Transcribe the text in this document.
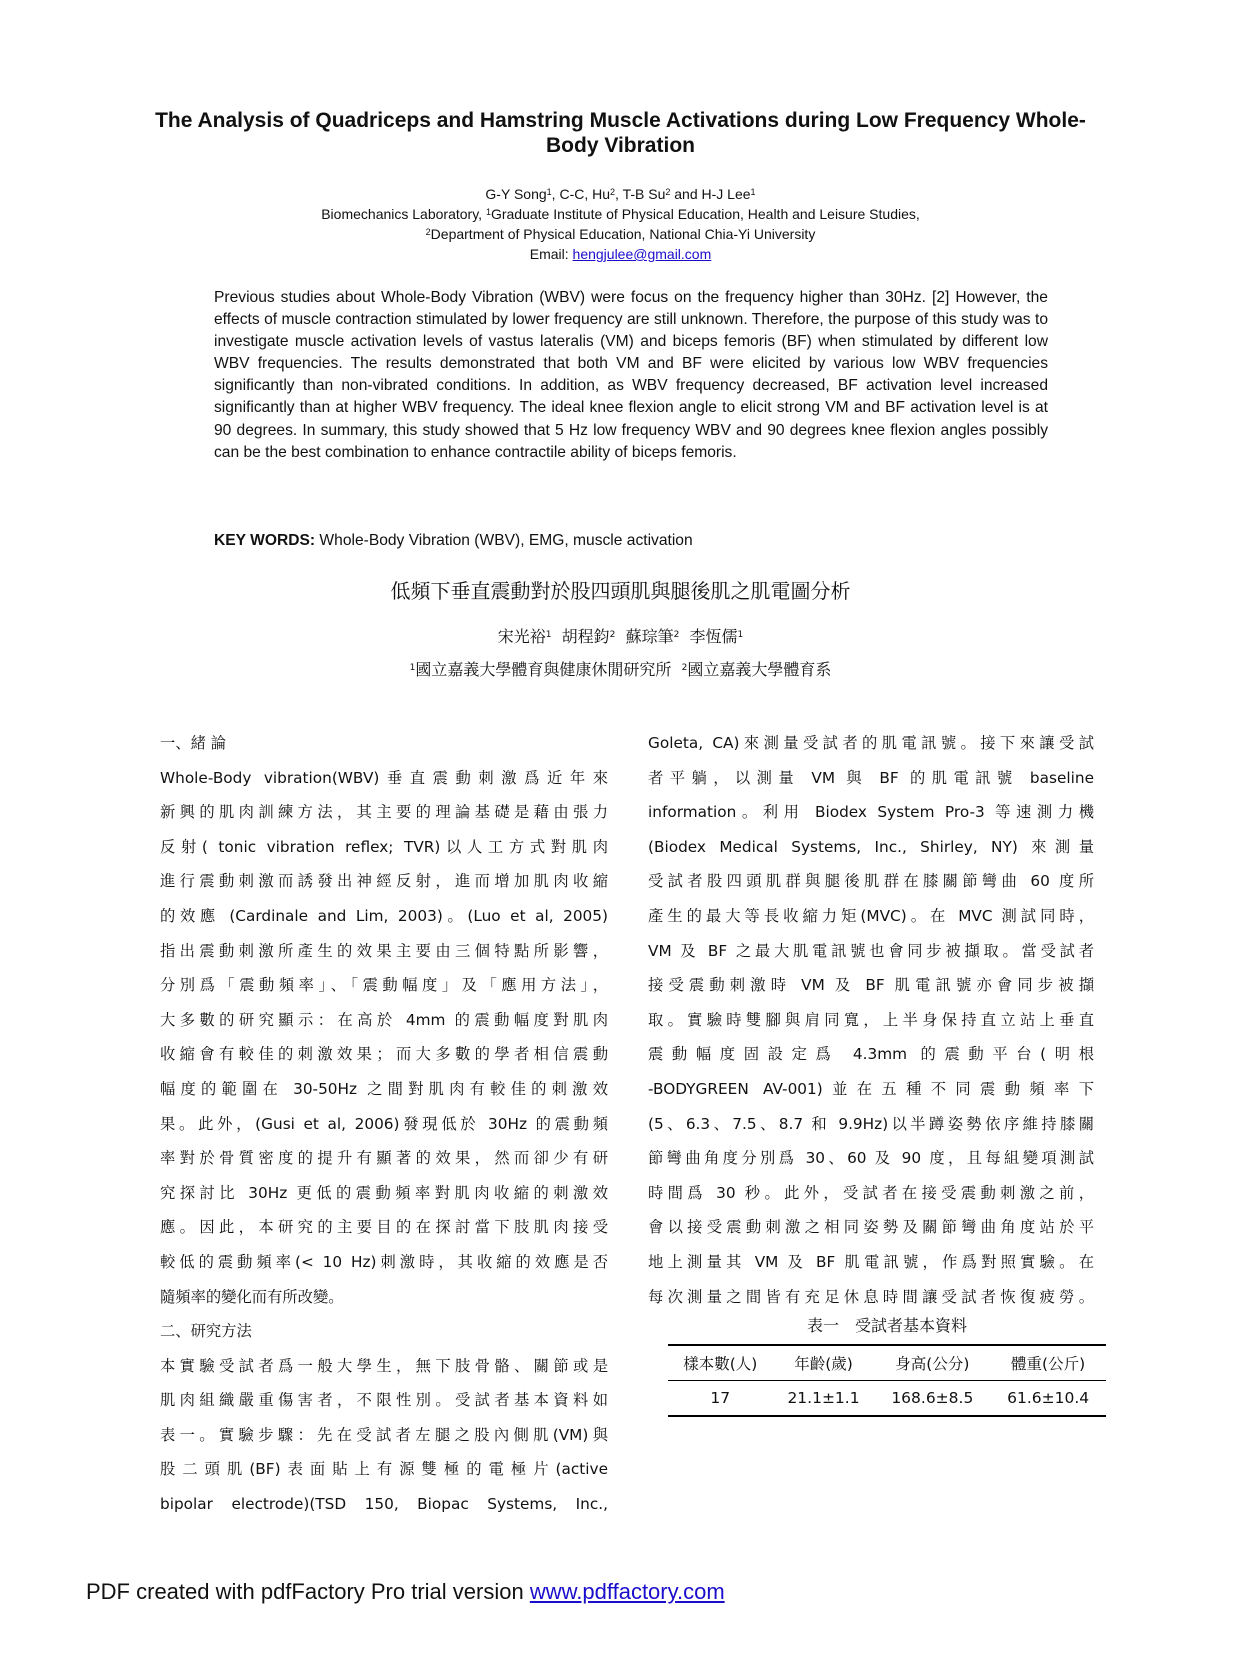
The Analysis of Quadriceps and Hamstring Muscle Activations during Low Frequency Whole-Body Vibration
G-Y Song$^1$, C-C, Hu$^2$, T-B Su$^2$ and H-J Lee$^1$
Biomechanics Laboratory, $^1$Graduate Institute of Physical Education, Health and Leisure Studies,
$^2$Department of Physical Education, National Chia-Yi University
Email: hengjulee@gmail.com

Previous studies about Whole-Body Vibration (WBV) were focus on the frequency higher than 30Hz. [2] However, the effects of muscle contraction stimulated by lower frequency are still unknown. Therefore, the purpose of this study was to investigate muscle activation levels of vastus lateralis (VM) and biceps femoris (BF) when stimulated by different low WBV frequencies. The results demonstrated that both VM and BF were elicited by various low WBV frequencies significantly than non-vibrated conditions. In addition, as WBV frequency decreased, BF activation level increased significantly than at higher WBV frequency. The ideal knee flexion angle to elicit strong VM and BF activation level is at 90 degrees. In summary, this study showed that 5 Hz low frequency WBV and 90 degrees knee flexion angles possibly can be the best combination to enhance contractile ability of biceps femoris.

KEY WORDS: Whole-Body Vibration (WBV), EMG, muscle activation
低頻下垂直震動對於股四頭肌與腿後肌之肌電圖分析
宋光裕$^1$ 胡程鈞$^2$ 蘇琮筆$^2$ 李恆儒$^1$
$^1$國立嘉義大學體育與健康休閒研究所 $^2$國立嘉義大學體育系
一、緒 論
Whole-Body vibration(WBV)垂直震動刺激爲近年來
新興的肌肉訓練方法，其主要的理論基礎是藉由張力
反射( tonic vibration reflex; TVR)以人工方式對肌肉
進行震動刺激而誘發出神經反射，進而增加肌肉收縮
的效應 (Cardinale and Lim, 2003)。(Luo et al, 2005)
指出震動刺激所產生的效果主要由三個特點所影響，
分別爲「震動頻率」、「震動幅度」及「應用方法」，
大多數的研究顯示：在高於 4mm 的震動幅度對肌肉
收縮會有較佳的刺激效果；而大多數的學者相信震動
幅度的範圍在 30-50Hz 之間對肌肉有較佳的刺激效
果。此外，(Gusi et al, 2006)發現低於 30Hz 的震動頻
率對於骨質密度的提升有顯著的效果，然而卻少有研
究探討比 30Hz 更低的震動頻率對肌肉收縮的刺激效
應。因此，本研究的主要目的在探討當下肢肌肉接受
較低的震動頻率(< 10 Hz)刺激時，其收縮的效應是否
隨頻率的變化而有所改變。
二、研究方法
本實驗受試者爲一般大學生，無下肢骨骼、關節或是
肌肉組織嚴重傷害者，不限性別。受試者基本資料如
表一。實驗步驟：先在受試者左腿之股內側肌(VM)與
股二頭肌(BF)表面貼上有源雙極的電極片(active
bipolar electrode)(TSD 150, Biopac Systems, Inc.,
Goleta, CA)來測量受試者的肌電訊號。接下來讓受試
者平躺，以測量 VM 與 BF 的肌電訊號 baseline
information。利用 Biodex System Pro-3 等速測力機
(Biodex Medical Systems, Inc., Shirley, NY) 來測量
受試者股四頭肌群與腿後肌群在膝關節彎曲 60 度所
產生的最大等長收縮力矩(MVC)。在 MVC 測試同時，
VM 及 BF 之最大肌電訊號也會同步被擷取。當受試者
接受震動刺激時 VM 及 BF 肌電訊號亦會同步被擷
取。實驗時雙腳與肩同寬，上半身保持直立站上垂直
震動幅度固設定爲 4.3mm 的震動平台(明根
-BODYGREEN AV-001)並在五種不同震動頻率下
(5、6.3、7.5、8.7 和 9.9Hz)以半蹲姿勢依序維持膝關
節彎曲角度分別爲 30、60 及 90 度，且每組變項測試
時間爲 30 秒。此外，受試者在接受震動刺激之前，
會以接受震動刺激之相同姿勢及關節彎曲角度站於平
地上測量其 VM 及 BF 肌電訊號，作爲對照實驗。在
每次測量之間皆有充足休息時間讓受試者恢復疲勞。
表一　受試者基本資料
樣本數(人)	年齡(歲)	身高(公分)	體重(公斤)
17	21.1±1.1	168.6±8.5	61.6±10.4
PDF created with pdfFactory Pro trial version www.pdffactory.com
